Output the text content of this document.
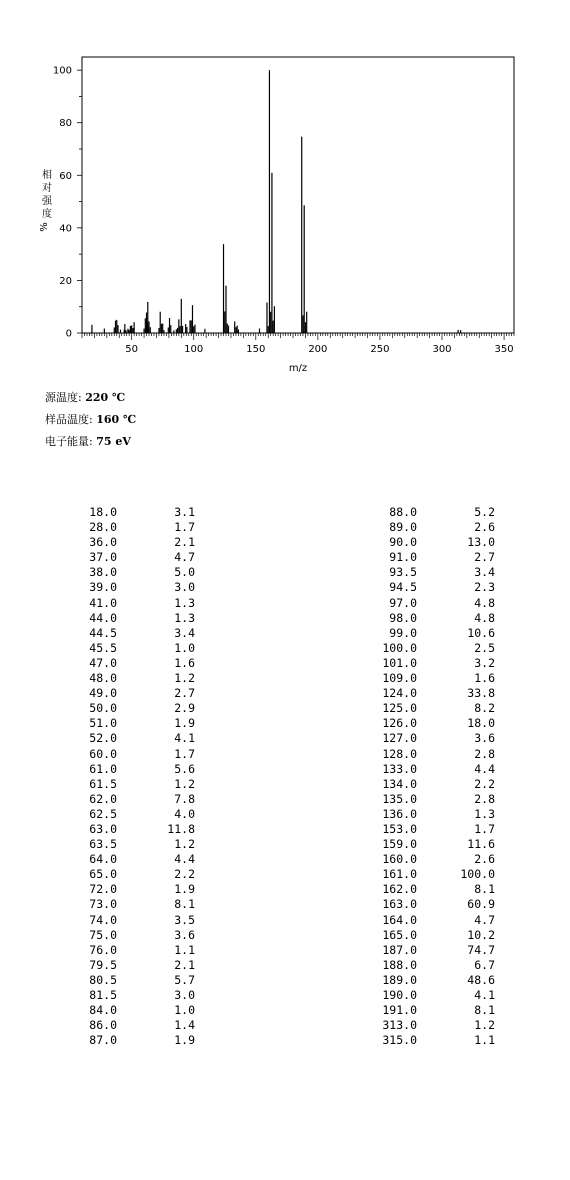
相
对
强
度
%
m/z
50	100	150	200	250	300	350
0
20
40
60
80
100
源温度: 220 ℃
样品温度: 160 ℃
电子能量: 75 eV
18.0	3.1
28.0	1.7
36.0	2.1
37.0	4.7
38.0	5.0
39.0	3.0
41.0	1.3
44.0	1.3
44.5	3.4
45.5	1.0
47.0	1.6
48.0	1.2
49.0	2.7
50.0	2.9
51.0	1.9
52.0	4.1
60.0	1.7
61.0	5.6
61.5	1.2
62.0	7.8
62.5	4.0
63.0	11.8
63.5	1.2
64.0	4.4
65.0	2.2
72.0	1.9
73.0	8.1
74.0	3.5
75.0	3.6
76.0	1.1
79.5	2.1
80.5	5.7
81.5	3.0
84.0	1.0
86.0	1.4
87.0	1.9
88.0	5.2
89.0	2.6
90.0	13.0
91.0	2.7
93.5	3.4
94.5	2.3
97.0	4.8
98.0	4.8
99.0	10.6
100.0	2.5
101.0	3.2
109.0	1.6
124.0	33.8
125.0	8.2
126.0	18.0
127.0	3.6
128.0	2.8
133.0	4.4
134.0	2.2
135.0	2.8
136.0	1.3
153.0	1.7
159.0	11.6
160.0	2.6
161.0	100.0
162.0	8.1
163.0	60.9
164.0	4.7
165.0	10.2
187.0	74.7
188.0	6.7
189.0	48.6
190.0	4.1
191.0	8.1
313.0	1.2
315.0	1.1
